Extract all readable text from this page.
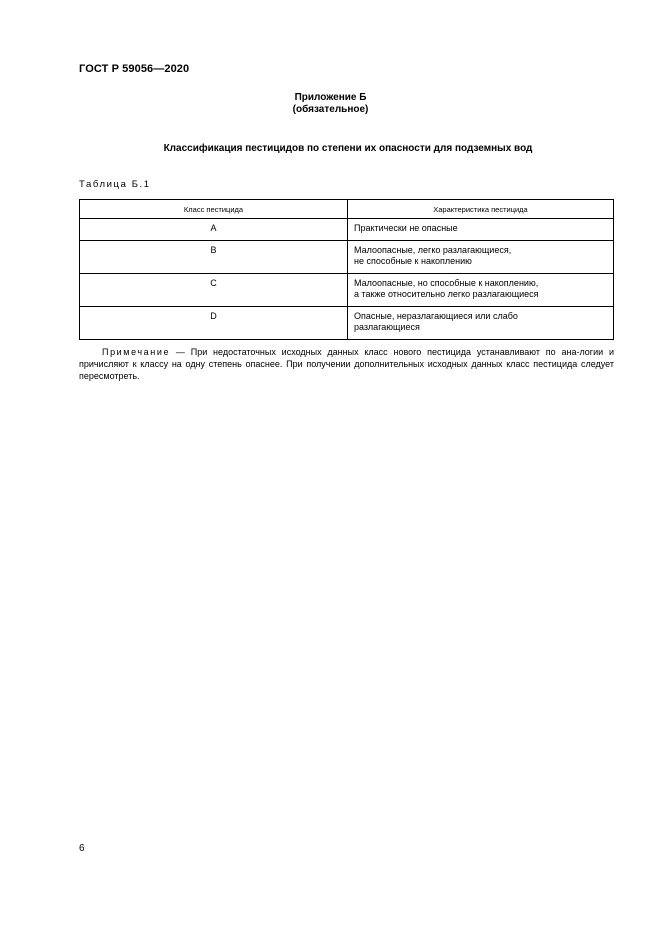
ГОСТ Р 59056—2020
Приложение Б
(обязательное)
Классификация пестицидов по степени их опасности для подземных вод
Таблица Б.1
Класс пестицида	Характеристика пестицида
A	Практически не опасные

B	Малоопасные, легко разлагающиеся,
не способные к накоплению

C	Малоопасные, но способные к накоплению,
а также относительно легко разлагающиеся

D	Опасные, неразлагающиеся или слабо
разлагающиеся
Примечание — При недостаточных исходных данных класс нового пестицида устанавливают по ана-логии и причисляют к классу на одну степень опаснее. При получении дополнительных исходных данных класс пестицида следует пересмотреть.
6
